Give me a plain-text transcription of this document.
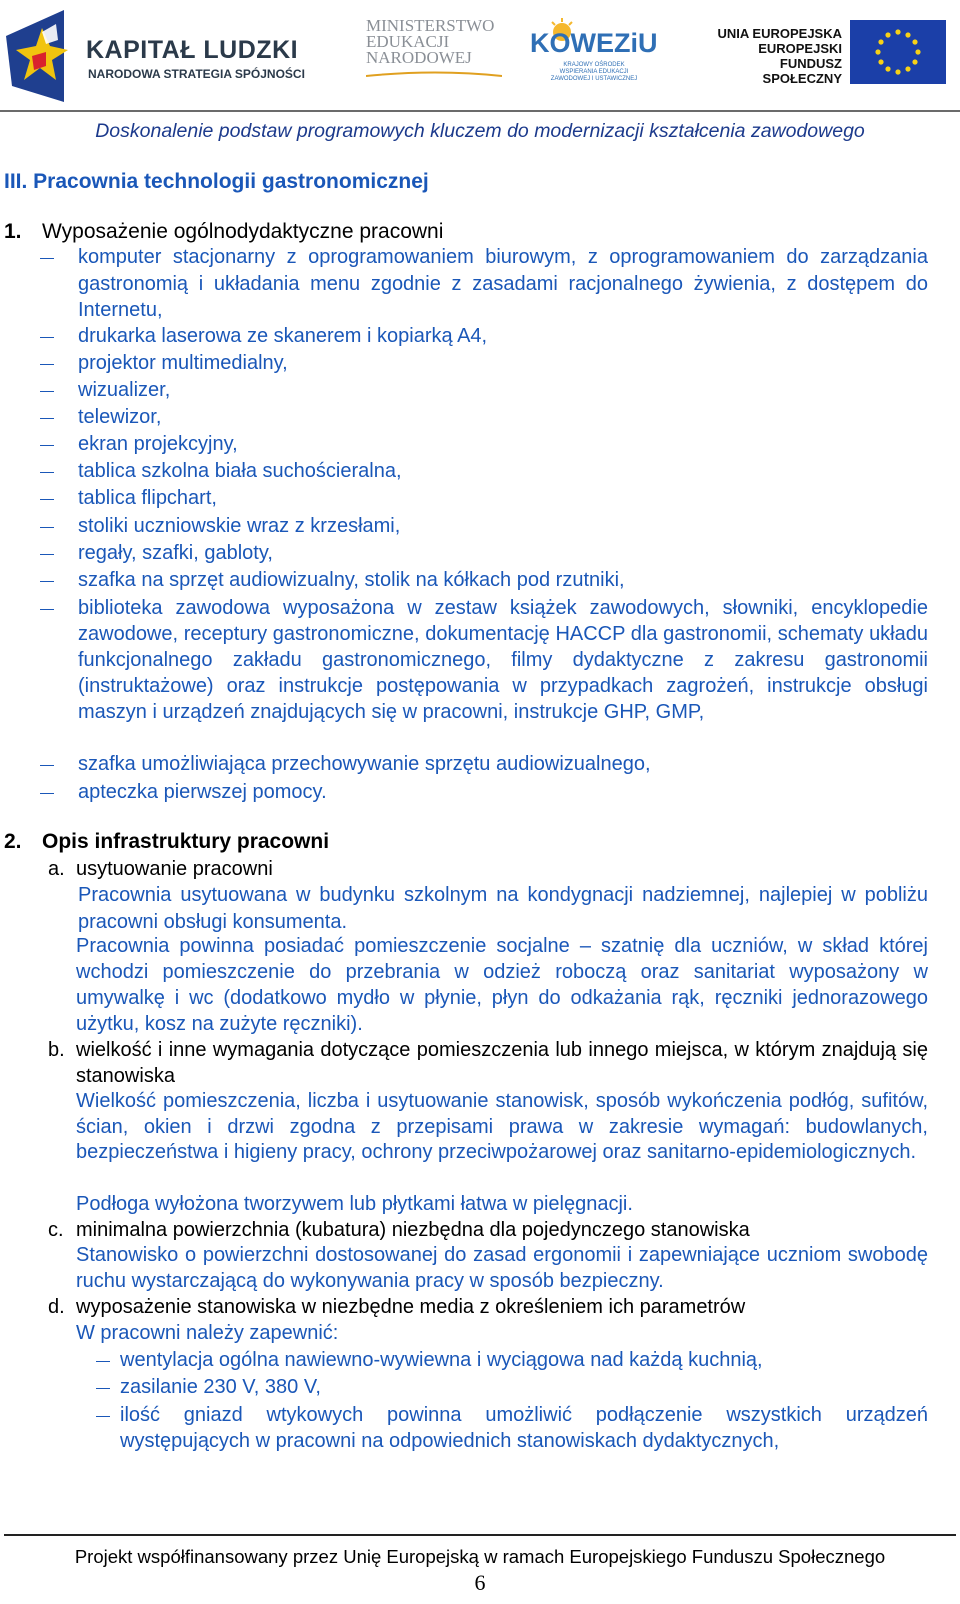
KAPITAŁ LUDZKI
NARODOWA STRATEGIA SPÓJNOŚCI
MINISTERSTWO
EDUKACJI
NARODOWEJ	KOWEZiU
KRAJOWY OŚRODEK WSPIERANIA EDUKACJI ZAWODOWEJ I USTAWICZNEJ
UNIA EUROPEJSKA
EUROPEJSKI
FUNDUSZ SPOŁECZNY
Doskonalenie podstaw programowych kluczem do modernizacji kształcenia zawodowego
III. Pracownia technologii gastronomicznej
1. Wyposażenie ogólnodydaktyczne pracowni
komputer stacjonarny z oprogramowaniem biurowym, z oprogramowaniem do zarządzania gastronomią i układania menu zgodnie z zasadami racjonalnego żywienia, z dostępem do Internetu,
drukarka laserowa ze skanerem i kopiarką A4,
projektor multimedialny,
wizualizer,
telewizor,
ekran projekcyjny,
tablica szkolna biała suchościeralna,
tablica flipchart,
stoliki uczniowskie wraz z krzesłami,
regały, szafki, gabloty,
szafka na sprzęt audiowizualny, stolik na kółkach pod rzutniki,
biblioteka zawodowa wyposażona w zestaw książek zawodowych, słowniki, encyklopedie zawodowe, receptury gastronomiczne, dokumentację HACCP dla gastronomii, schematy układu funkcjonalnego zakładu gastronomicznego, filmy dydaktyczne z zakresu gastronomii (instruktażowe) oraz instrukcje postępowania w przypadkach zagrożeń, instrukcje obsługi maszyn i urządzeń znajdujących się w pracowni, instrukcje GHP, GMP,
szafka umożliwiająca przechowywanie sprzętu audiowizualnego,
apteczka pierwszej pomocy.
2. Opis infrastruktury pracowni
a. usytuowanie pracowni
Pracownia usytuowana w budynku szkolnym na kondygnacji nadziemnej, najlepiej w pobliżu pracowni obsługi konsumenta.
Pracownia powinna posiadać pomieszczenie socjalne – szatnię dla uczniów, w skład której wchodzi pomieszczenie do przebrania w odzież roboczą oraz sanitariat wyposażony w umywalkę i wc (dodatkowo mydło w płynie, płyn do odkażania rąk, ręczniki jednorazowego użytku, kosz na zużyte ręczniki).
b. wielkość i inne wymagania dotyczące pomieszczenia lub innego miejsca, w którym znajdują się stanowiska
Wielkość pomieszczenia, liczba i usytuowanie stanowisk, sposób wykończenia podłóg, sufitów, ścian, okien i drzwi zgodna z przepisami prawa w zakresie wymagań: budowlanych, bezpieczeństwa i higieny pracy, ochrony przeciwpożarowej oraz sanitarno-epidemiologicznych.
Podłoga wyłożona tworzywem lub płytkami łatwa w pielęgnacji.
c. minimalna powierzchnia (kubatura) niezbędna dla pojedynczego stanowiska
Stanowisko o powierzchni dostosowanej do zasad ergonomii i zapewniające uczniom swobodę ruchu wystarczającą do wykonywania pracy w sposób bezpieczny.
d. wyposażenie stanowiska w niezbędne media z określeniem ich parametrów
W pracowni należy zapewnić:
wentylacja ogólna nawiewno-wywiewna i wyciągowa nad każdą kuchnią,
zasilanie 230 V, 380 V,
ilość gniazd wtykowych powinna umożliwić podłączenie wszystkich urządzeń występujących w pracowni na odpowiednich stanowiskach dydaktycznych,
Projekt współfinansowany przez Unię Europejską w ramach Europejskiego Funduszu Społecznego
6
